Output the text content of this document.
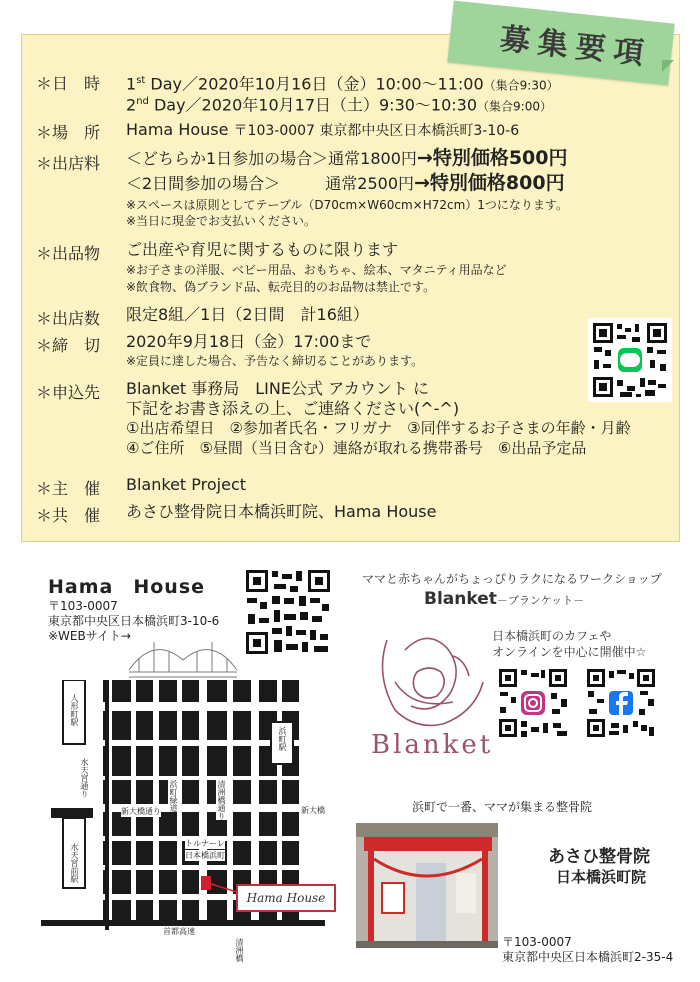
募集要項
＊日　時 1st Day／2020年10月16日（金）10:00～11:00（集合9:30）
2nd Day／2020年10月17日（土）9:30～10:30（集合9:00）
＊場　所 Hama House 〒103-0007 東京都中央区日本橋浜町3-10-6
＊出店料 ＜どちらか1日参加の場合＞通常1800円→特別価格500円
＜2日間参加の場合＞	通常2500円→特別価格800円
※スペースは原則としてテーブル（D70cm×W60cm×H72cm）1つになります。
※当日に現金でお支払いください。
＊出品物 ご出産や育児に関するものに限ります
※お子さまの洋服、ベビー用品、おもちゃ、絵本、マタニティ用品など
※飲食物、偽ブランド品、転売目的のお品物は禁止です。
＊出店数 限定8組／1日（2日間　計16組）
＊締　切 2020年9月18日（金）17:00まで
※定員に達した場合、予告なく締切ることがあります。
＊申込先 Blanket 事務局　LINE公式 アカウント に
下記をお書き添えの上、ご連絡ください(^-^)
①出店希望日　②参加者氏名・フリガナ　③同伴するお子さまの年齢・月齢
④ご住所　⑤昼間（当日含む）連絡が取れる携帯番号　⑥出品予定品
＊主　催 Blanket Project
＊共　催 あさひ整骨院日本橋浜町院、Hama House
Hama　House
〒103-0007
東京都中央区日本橋浜町3-10-6
※WEBサイト→
人形町駅
浜町駅
水天宮通り
水天宮前駅
新大橋通り 浜町緑道	清洲橋通り	新大橋
トルナーレ
日本橋浜町
首都高速
清洲橋
Hama House
ママと赤ちゃんがちょっぴりラクになるワークショップ
Blanket－ブランケット－
日本橋浜町のカフェや
オンラインを中心に開催中☆
Blanket
浜町で一番、ママが集まる整骨院
あさひ整骨院
日本橋浜町院
〒103-0007
東京都中央区日本橋浜町2-35-4
